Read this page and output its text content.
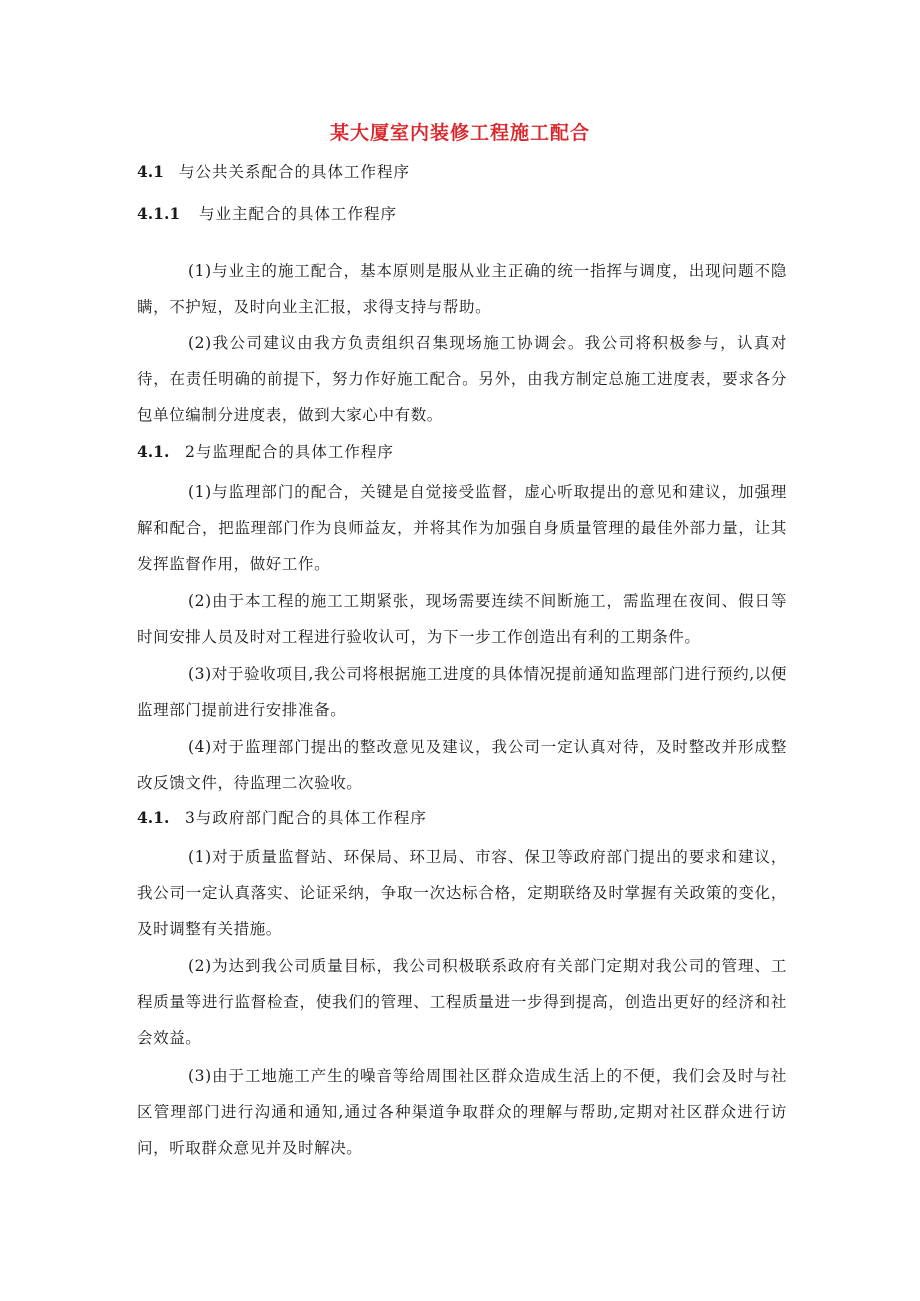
某大厦室内装修工程施工配合
4.1 与公共关系配合的具体工作程序
4.1.1 与业主配合的具体工作程序

(1)与业主的施工配合，基本原则是服从业主正确的统一指挥与调度，出现问题不隐瞒，不护短，及时向业主汇报，求得支持与帮助。

(2)我公司建议由我方负责组织召集现场施工协调会。我公司将积极参与，认真对待，在责任明确的前提下，努力作好施工配合。另外，由我方制定总施工进度表，要求各分包单位编制分进度表，做到大家心中有数。

4.1. 2与监理配合的具体工作程序

(1)与监理部门的配合，关键是自觉接受监督，虚心听取提出的意见和建议，加强理解和配合，把监理部门作为良师益友，并将其作为加强自身质量管理的最佳外部力量，让其发挥监督作用，做好工作。

(2)由于本工程的施工工期紧张，现场需要连续不间断施工，需监理在夜间、假日等时间安排人员及时对工程进行验收认可，为下一步工作创造出有利的工期条件。

(3)对于验收项目,我公司将根据施工进度的具体情况提前通知监理部门进行预约,以便监理部门提前进行安排准备。

(4)对于监理部门提出的整改意见及建议，我公司一定认真对待，及时整改并形成整改反馈文件，待监理二次验收。

4.1. 3与政府部门配合的具体工作程序

(1)对于质量监督站、环保局、环卫局、市容、保卫等政府部门提出的要求和建议，我公司一定认真落实、论证采纳，争取一次达标合格，定期联络及时掌握有关政策的变化，及时调整有关措施。

(2)为达到我公司质量目标，我公司积极联系政府有关部门定期对我公司的管理、工程质量等进行监督检查，使我们的管理、工程质量进一步得到提高，创造出更好的经济和社会效益。

(3)由于工地施工产生的噪音等给周围社区群众造成生活上的不便，我们会及时与社区管理部门进行沟通和通知,通过各种渠道争取群众的理解与帮助,定期对社区群众进行访问，听取群众意见并及时解决。
